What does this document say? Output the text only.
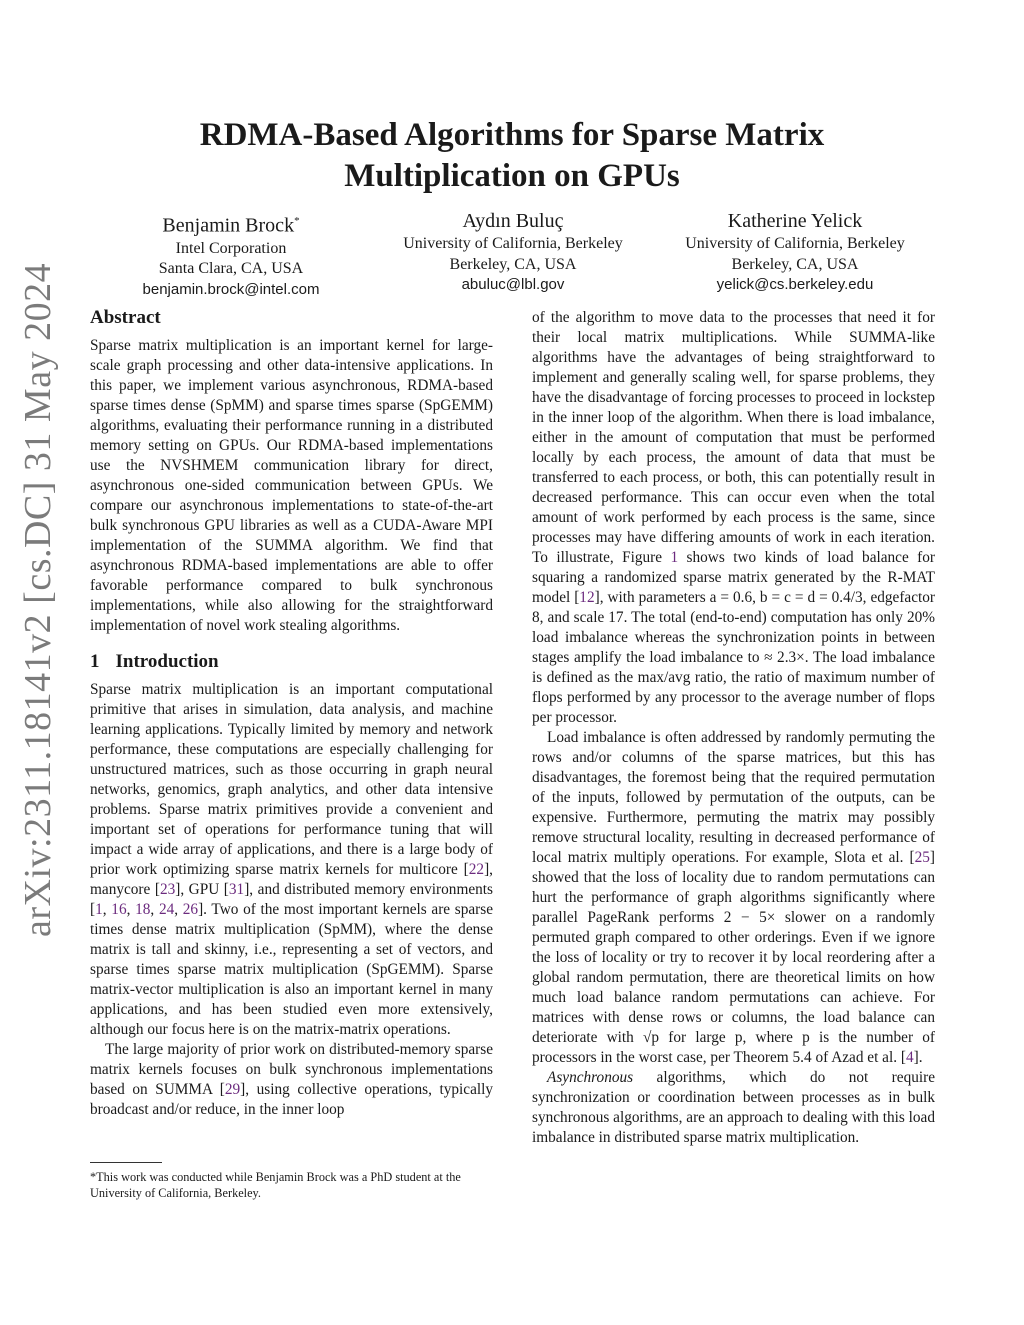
arXiv:2311.18141v2 [cs.DC] 31 May 2024
RDMA-Based Algorithms for Sparse Matrix
Multiplication on GPUs
Benjamin Brock*
Intel Corporation
Santa Clara, CA, USA
benjamin.brock@intel.com
Aydın Buluç
University of California, Berkeley
Berkeley, CA, USA
abuluc@lbl.gov
Katherine Yelick
University of California, Berkeley
Berkeley, CA, USA
yelick@cs.berkeley.edu
Abstract

Sparse matrix multiplication is an important kernel for large-scale graph processing and other data-intensive applications. In this paper, we implement various asynchronous, RDMA-based sparse times dense (SpMM) and sparse times sparse (SpGEMM) algorithms, evaluating their performance running in a distributed memory setting on GPUs. Our RDMA-based implementations use the NVSHMEM communication library for direct, asynchronous one-sided communication between GPUs. We compare our asynchronous implementations to state-of-the-art bulk synchronous GPU libraries as well as a CUDA-Aware MPI implementation of the SUMMA algorithm. We find that asynchronous RDMA-based implementations are able to offer favorable performance compared to bulk synchronous implementations, while also allowing for the straightforward implementation of novel work stealing algorithms.

1 Introduction

Sparse matrix multiplication is an important computational primitive that arises in simulation, data analysis, and machine learning applications. Typically limited by memory and network performance, these computations are especially challenging for unstructured matrices, such as those occurring in graph neural networks, genomics, graph analytics, and other data intensive problems. Sparse matrix primitives provide a convenient and important set of operations for performance tuning that will impact a wide array of applications, and there is a large body of prior work optimizing sparse matrix kernels for multicore [22], manycore [23], GPU [31], and distributed memory environments [1, 16, 18, 24, 26]. Two of the most important kernels are sparse times dense matrix multiplication (SpMM), where the dense matrix is tall and skinny, i.e., representing a set of vectors, and sparse times sparse matrix multiplication (SpGEMM). Sparse matrix-vector multiplication is also an important kernel in many applications, and has been studied even more extensively, although our focus here is on the matrix-matrix operations.

The large majority of prior work on distributed-memory sparse matrix kernels focuses on bulk synchronous implementations based on SUMMA [29], using collective operations, typically broadcast and/or reduce, in the inner loop

*This work was conducted while Benjamin Brock was a PhD student at the University of California, Berkeley.

of the algorithm to move data to the processes that need it for their local matrix multiplications. While SUMMA-like algorithms have the advantages of being straightforward to implement and generally scaling well, for sparse problems, they have the disadvantage of forcing processes to proceed in lockstep in the inner loop of the algorithm. When there is load imbalance, either in the amount of computation that must be performed locally by each process, the amount of data that must be transferred to each process, or both, this can potentially result in decreased performance. This can occur even when the total amount of work performed by each process is the same, since processes may have differing amounts of work in each iteration. To illustrate, Figure 1 shows two kinds of load balance for squaring a randomized sparse matrix generated by the R-MAT model [12], with parameters a = 0.6, b = c = d = 0.4/3, edgefactor 8, and scale 17. The total (end-to-end) computation has only 20% load imbalance whereas the synchronization points in between stages amplify the load imbalance to ≈ 2.3×. The load imbalance is defined as the max/avg ratio, the ratio of maximum number of flops performed by any processor to the average number of flops per processor.

Load imbalance is often addressed by randomly permuting the rows and/or columns of the sparse matrices, but this has disadvantages, the foremost being that the required permutation of the inputs, followed by permutation of the outputs, can be expensive. Furthermore, permuting the matrix may possibly remove structural locality, resulting in decreased performance of local matrix multiply operations. For example, Slota et al. [25] showed that the loss of locality due to random permutations can hurt the performance of graph algorithms significantly where parallel PageRank performs 2 − 5× slower on a randomly permuted graph compared to other orderings. Even if we ignore the loss of locality or try to recover it by local reordering after a global random permutation, there are theoretical limits on how much load balance random permutations can achieve. For matrices with dense rows or columns, the load balance can deteriorate with √p for large p, where p is the number of processors in the worst case, per Theorem 5.4 of Azad et al. [4].

Asynchronous algorithms, which do not require synchronization or coordination between processes as in bulk synchronous algorithms, are an approach to dealing with this load imbalance in distributed sparse matrix multiplication.
